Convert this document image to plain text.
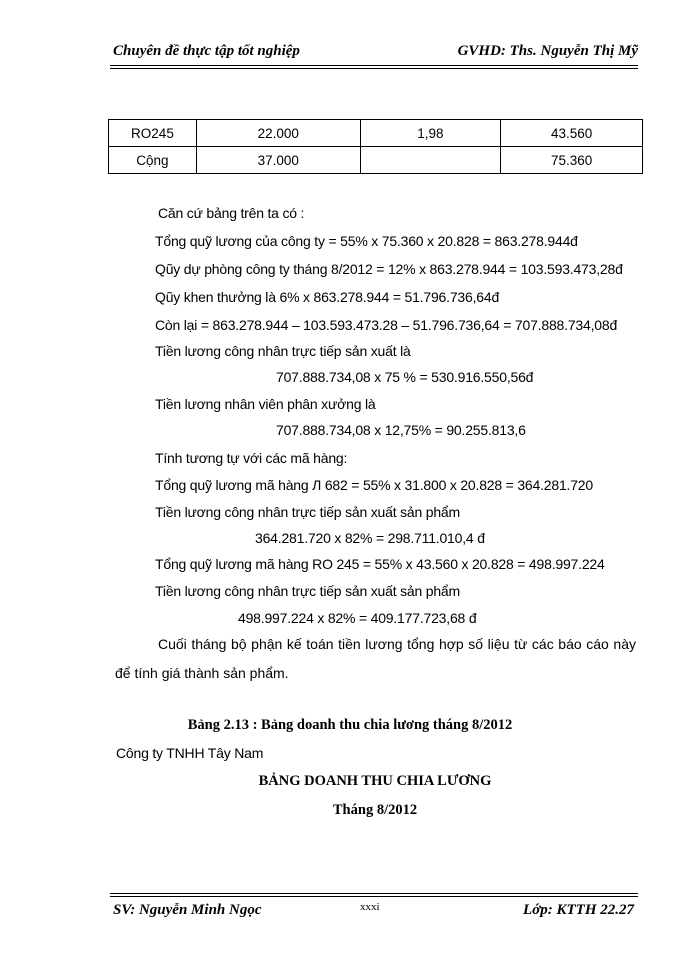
Chuyên đề thực tập tốt nghiệp	GVHD: Ths. Nguyễn Thị Mỹ
RO245	22.000	1,98	43.560
Cộng	37.000		75.360
Căn cứ bảng trên ta có :
Tổng quỹ lương của công ty = 55% x 75.360 x 20.828 = 863.278.944đ
Qũy dự phòng công ty tháng 8/2012 = 12% x 863.278.944 = 103.593.473,28đ
Qũy khen thưởng là 6% x 863.278.944 = 51.796.736,64đ
Còn lại = 863.278.944 – 103.593.473.28 – 51.796.736,64 = 707.888.734,08đ
Tiền lương công nhân trực tiếp sản xuất là
707.888.734,08 x 75 % = 530.916.550,56đ
Tiền lương nhân viên phân xưởng là
707.888.734,08 x 12,75% = 90.255.813,6
Tính tương tự với các mã hàng:
Tổng quỹ lương mã hàng Л 682 = 55% x 31.800 x 20.828 = 364.281.720
Tiền lương công nhân trực tiếp sản xuất sản phẩm
364.281.720 x 82% = 298.711.010,4 đ
Tổng quỹ lương mã hàng RO 245 = 55% x 43.560 x 20.828 = 498.997.224
Tiền lương công nhân trực tiếp sản xuất sản phẩm
498.997.224 x 82% = 409.177.723,68 đ
Cuối tháng bộ phận kế toán tiền lương tổng hợp số liệu từ các báo cáo này để tính giá thành sản phẩm.
Bảng 2.13 : Bảng doanh thu chia lương tháng 8/2012
Công ty TNHH Tây Nam
BẢNG DOANH THU CHIA LƯƠNG
Tháng 8/2012
SV: Nguyễn Minh Ngọc	xxxi	Lớp: KTTH 22.27
